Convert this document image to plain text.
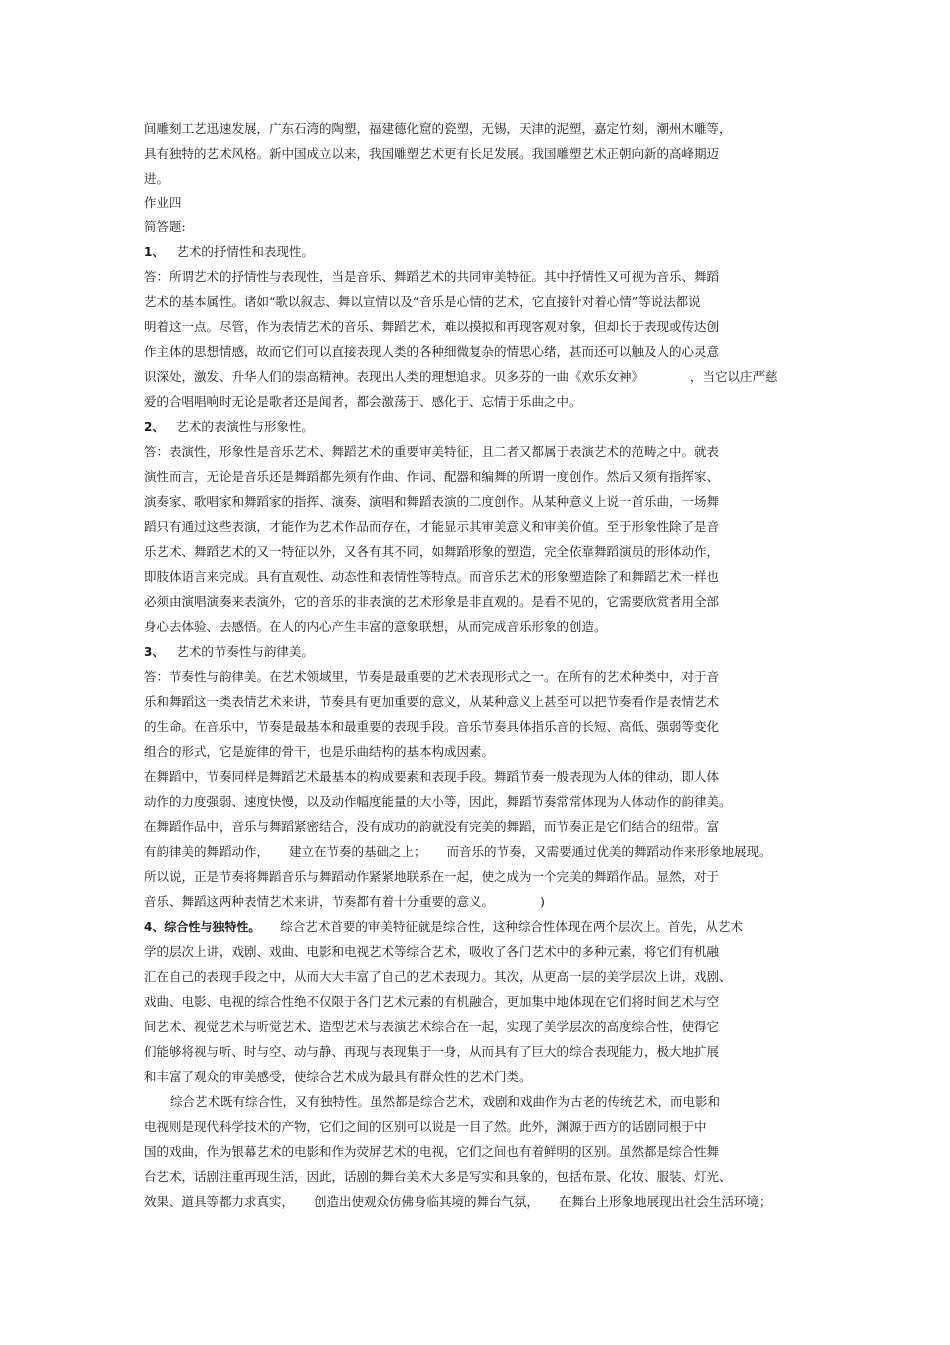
间雕刻工艺迅速发展，广东石湾的陶塑，福建德化窟的瓷塑，无锡，天津的泥塑，嘉定竹刻，潮州木雕等，
具有独特的艺术风格。新中国成立以来，我国雕塑艺术更有长足发展。我国雕塑艺术正朝向新的高峰期迈
进。
作业四
简答题:
1、 艺术的抒情性和表现性。
答：所谓艺术的抒情性与表现性，当是音乐、舞蹈艺术的共同审美特征。其中抒情性又可视为音乐、舞蹈
艺术的基本属性。诸如“歌以叙志、舞以宣情以及“音乐是心情的艺术，它直接针对着心情”等说法都说
明着这一点。尽管，作为表情艺术的音乐、舞蹈艺术，难以摸拟和再现客观对象，但却长于表现或传达创
作主体的思想情感，故而它们可以直接表现人类的各种细微复杂的情思心绪，甚而还可以触及人的心灵意
识深处，激发、升华人们的崇高精神。表现出人类的理想追求。贝多芬的一曲《欢乐女神》	，当它以庄严慈
爱的合唱唱响时无论是歌者还是闻者，都会激荡于、感化于、忘情于乐曲之中。
2、 艺术的表演性与形象性。
答：表演性，形象性是音乐艺术、舞蹈艺术的重要审美特征，且二者又都属于表演艺术的范畴之中。就表
演性而言，无论是音乐还是舞蹈都先须有作曲、作词、配器和编舞的所谓一度创作。然后又须有指挥家、
演奏家、歌唱家和舞蹈家的指挥、演奏、演唱和舞蹈表演的二度创作。从某种意义上说一首乐曲，一场舞
蹈只有通过这些表演，才能作为艺术作品而存在，才能显示其审美意义和审美价值。至于形象性除了是音
乐艺术、舞蹈艺术的又一特征以外，又各有其不同，如舞蹈形象的塑造，完全依靠舞蹈演员的形体动作，
即肢体语言来完成。具有直观性、动态性和表情性等特点。而音乐艺术的形象塑造除了和舞蹈艺术一样也
必须由演唱演奏来表演外，它的音乐的非表演的艺术形象是非直观的。是看不见的，它需要欣赏者用全部
身心去体验、去感悟。在人的内心产生丰富的意象联想，从而完成音乐形象的创造。
3、 艺术的节奏性与韵律美。
答：节奏性与韵律美。在艺术领域里，节奏是最重要的艺术表现形式之一。在所有的艺术种类中，对于音
乐和舞蹈这一类表情艺术来讲，节奏具有更加重要的意义，从某种意义上甚至可以把节奏看作是表情艺术
的生命。在音乐中，节奏是最基本和最重要的表现手段。音乐节奏具体指乐音的长短、高低、强弱等变化
组合的形式，它是旋律的骨干，也是乐曲结构的基本构成因素。
在舞蹈中，节奏同样是舞蹈艺术最基本的构成要素和表现手段。舞蹈节奏一般表现为人体的律动，即人体
动作的力度强弱、速度快慢，以及动作幅度能量的大小等，因此，舞蹈节奏常常体现为人体动作的韵律美。
在舞蹈作品中，音乐与舞蹈紧密结合，没有成功的韵就没有完美的舞蹈，而节奏正是它们结合的纽带。富
有韵律美的舞蹈动作， 建立在节奏的基础之上； 而音乐的节奏，又需要通过优美的舞蹈动作来形象地展现。
所以说，正是节奏将舞蹈音乐与舞蹈动作紧紧地联系在一起，使之成为一个完美的舞蹈作品。显然，对于
音乐、舞蹈这两种表情艺术来讲，节奏都有着十分重要的意义。	)
4、综合性与独特性。 综合艺术首要的审美特征就是综合性，这种综合性体现在两个层次上。首先，从艺术
学的层次上讲，戏剧、戏曲、电影和电视艺术等综合艺术，吸收了各门艺术中的多种元素，将它们有机融
汇在自己的表现手段之中，从而大大丰富了自己的艺术表现力。其次，从更高一层的美学层次上讲，戏剧、
戏曲、电影、电视的综合性绝不仅限于各门艺术元素的有机融合，更加集中地体现在它们将时间艺术与空
间艺术、视觉艺术与听觉艺术、造型艺术与表演艺术综合在一起，实现了美学层次的高度综合性，使得它
们能够将视与听、时与空、动与静、再现与表现集于一身，从而具有了巨大的综合表现能力，极大地扩展
和丰富了观众的审美感受，使综合艺术成为最具有群众性的艺术门类。
综合艺术既有综合性，又有独特性。虽然都是综合艺术，戏剧和戏曲作为古老的传统艺术，而电影和
电视则是现代科学技术的产物，它们之间的区别可以说是一目了然。此外，渊源于西方的话剧同根于中
国的戏曲，作为银幕艺术的电影和作为荧屏艺术的电视，它们之间也有着鲜明的区别。虽然都是综合性舞
台艺术，话剧注重再现生活，因此，话剧的舞台美术大多是写实和具象的，包括布景、化妆、服装、灯光、
效果、道具等都力求真实， 创造出使观众仿佛身临其境的舞台气氛， 在舞台上形象地展现出社会生活环境；
